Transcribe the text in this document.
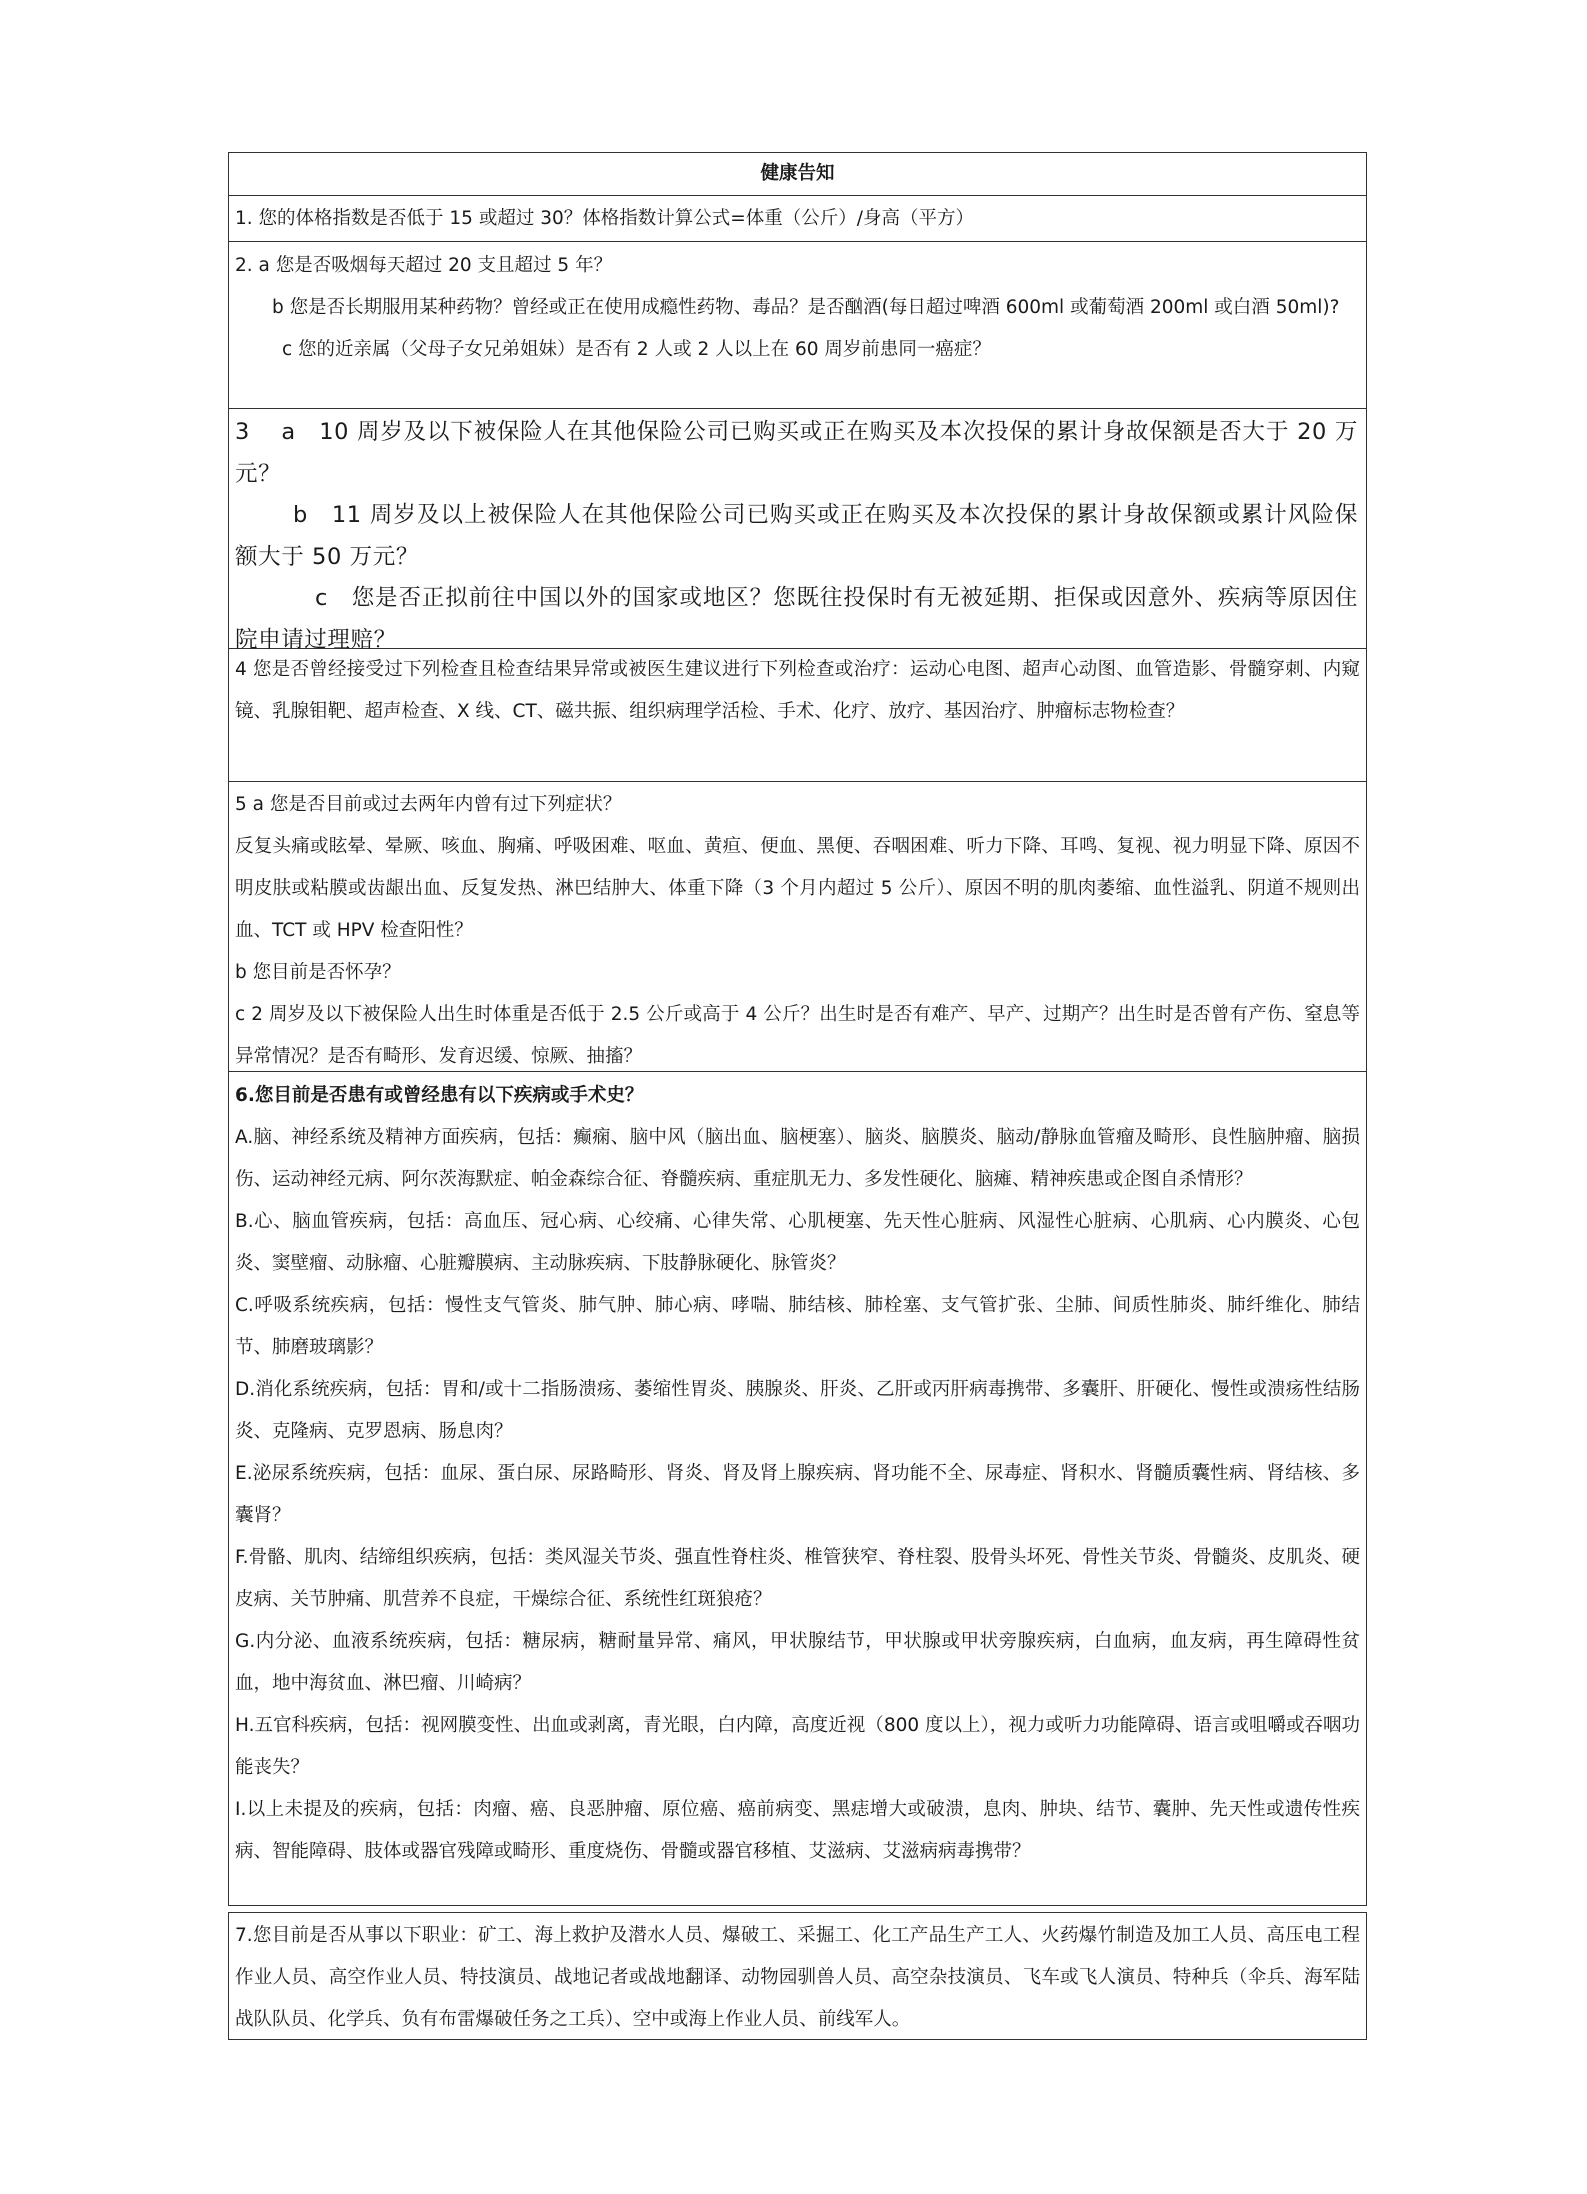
健康告知

1. 您的体格指数是否低于 15 或超过 30？体格指数计算公式=体重（公斤）/身高（平方）

2. a 您是否吸烟每天超过 20 支且超过 5 年？

b 您是否长期服用某种药物？曾经或正在使用成瘾性药物、毒品？是否酗酒(每日超过啤酒 600ml 或葡萄酒 200ml 或白酒 50ml)?

c 您的近亲属（父母子女兄弟姐妹）是否有 2 人或 2 人以上在 60 周岁前患同一癌症？

3　 a　10 周岁及以下被保险人在其他保险公司已购买或正在购买及本次投保的累计身故保额是否大于 20 万元？

b　11 周岁及以上被保险人在其他保险公司已购买或正在购买及本次投保的累计身故保额或累计风险保额大于 50 万元？

c　您是否正拟前往中国以外的国家或地区？您既往投保时有无被延期、拒保或因意外、疾病等原因住院申请过理赔？

4 您是否曾经接受过下列检查且检查结果异常或被医生建议进行下列检查或治疗：运动心电图、超声心动图、血管造影、骨髓穿刺、内窥镜、乳腺钼靶、超声检查、X 线、CT、磁共振、组织病理学活检、手术、化疗、放疗、基因治疗、肿瘤标志物检查？

5 a 您是否目前或过去两年内曾有过下列症状？

反复头痛或眩晕、晕厥、咳血、胸痛、呼吸困难、呕血、黄疸、便血、黑便、吞咽困难、听力下降、耳鸣、复视、视力明显下降、原因不明皮肤或粘膜或齿龈出血、反复发热、淋巴结肿大、体重下降（3 个月内超过 5 公斤）、原因不明的肌肉萎缩、血性溢乳、阴道不规则出血、TCT 或 HPV 检查阳性？

b 您目前是否怀孕？

c 2 周岁及以下被保险人出生时体重是否低于 2.5 公斤或高于 4 公斤？出生时是否有难产、早产、过期产？出生时是否曾有产伤、窒息等异常情况？是否有畸形、发育迟缓、惊厥、抽搐？

6.您目前是否患有或曾经患有以下疾病或手术史？

A.脑、神经系统及精神方面疾病，包括：癫痫、脑中风（脑出血、脑梗塞）、脑炎、脑膜炎、脑动/静脉血管瘤及畸形、良性脑肿瘤、脑损伤、运动神经元病、阿尔茨海默症、帕金森综合征、脊髓疾病、重症肌无力、多发性硬化、脑瘫、精神疾患或企图自杀情形？

B.心、脑血管疾病，包括：高血压、冠心病、心绞痛、心律失常、心肌梗塞、先天性心脏病、风湿性心脏病、心肌病、心内膜炎、心包炎、窦壁瘤、动脉瘤、心脏瓣膜病、主动脉疾病、下肢静脉硬化、脉管炎？

C.呼吸系统疾病，包括：慢性支气管炎、肺气肿、肺心病、哮喘、肺结核、肺栓塞、支气管扩张、尘肺、间质性肺炎、肺纤维化、肺结节、肺磨玻璃影？

D.消化系统疾病，包括：胃和/或十二指肠溃疡、萎缩性胃炎、胰腺炎、肝炎、乙肝或丙肝病毒携带、多囊肝、肝硬化、慢性或溃疡性结肠炎、克隆病、克罗恩病、肠息肉？

E.泌尿系统疾病，包括：血尿、蛋白尿、尿路畸形、肾炎、肾及肾上腺疾病、肾功能不全、尿毒症、肾积水、肾髓质囊性病、肾结核、多囊肾？

F.骨骼、肌肉、结缔组织疾病，包括：类风湿关节炎、强直性脊柱炎、椎管狭窄、脊柱裂、股骨头坏死、骨性关节炎、骨髓炎、皮肌炎、硬皮病、关节肿痛、肌营养不良症，干燥综合征、系统性红斑狼疮？

G.内分泌、血液系统疾病，包括：糖尿病，糖耐量异常、痛风，甲状腺结节，甲状腺或甲状旁腺疾病，白血病，血友病，再生障碍性贫血，地中海贫血、淋巴瘤、川崎病？

H.五官科疾病，包括：视网膜变性、出血或剥离，青光眼，白内障，高度近视（800 度以上），视力或听力功能障碍、语言或咀嚼或吞咽功能丧失？

I.以上未提及的疾病，包括：肉瘤、癌、良恶肿瘤、原位癌、癌前病变、黑痣增大或破溃，息肉、肿块、结节、囊肿、先天性或遗传性疾病、智能障碍、肢体或器官残障或畸形、重度烧伤、骨髓或器官移植、艾滋病、艾滋病病毒携带？

7.您目前是否从事以下职业：矿工、海上救护及潜水人员、爆破工、采掘工、化工产品生产工人、火药爆竹制造及加工人员、高压电工程作业人员、高空作业人员、特技演员、战地记者或战地翻译、动物园驯兽人员、高空杂技演员、飞车或飞人演员、特种兵（伞兵、海军陆战队队员、化学兵、负有布雷爆破任务之工兵）、空中或海上作业人员、前线军人。
